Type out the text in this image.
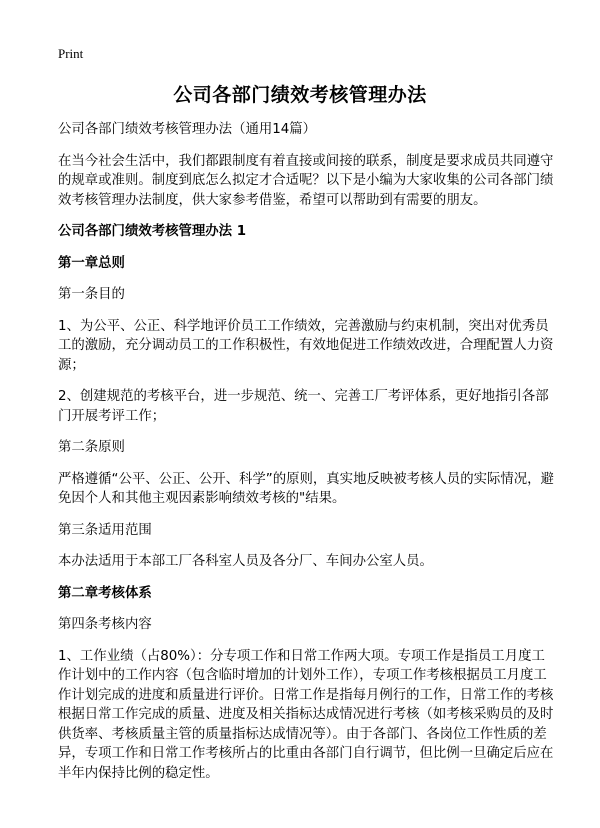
Print
公司各部门绩效考核管理办法

公司各部门绩效考核管理办法（通用14篇）

在当今社会生活中，我们都跟制度有着直接或间接的联系，制度是要求成员共同遵守的规章或准则。制度到底怎么拟定才合适呢？以下是小编为大家收集的公司各部门绩效考核管理办法制度，供大家参考借鉴，希望可以帮助到有需要的朋友。

公司各部门绩效考核管理办法 1

第一章总则

第一条目的

1、为公平、公正、科学地评价员工工作绩效，完善激励与约束机制，突出对优秀员工的激励，充分调动员工的工作积极性，有效地促进工作绩效改进，合理配置人力资源；

2、创建规范的考核平台，进一步规范、统一、完善工厂考评体系，更好地指引各部门开展考评工作；

第二条原则

严格遵循“公平、公正、公开、科学”的原则，真实地反映被考核人员的实际情况，避免因个人和其他主观因素影响绩效考核的"结果。

第三条适用范围

本办法适用于本部工厂各科室人员及各分厂、车间办公室人员。

第二章考核体系

第四条考核内容

1、工作业绩（占80%）：分专项工作和日常工作两大项。专项工作是指员工月度工作计划中的工作内容（包含临时增加的计划外工作），专项工作考核根据员工月度工作计划完成的进度和质量进行评价。日常工作是指每月例行的工作，日常工作的考核根据日常工作完成的质量、进度及相关指标达成情况进行考核（如考核采购员的及时供货率、考核质量主管的质量指标达成情况等）。由于各部门、各岗位工作性质的差异，专项工作和日常工作考核所占的比重由各部门自行调节，但比例一旦确定后应在半年内保持比例的稳定性。
